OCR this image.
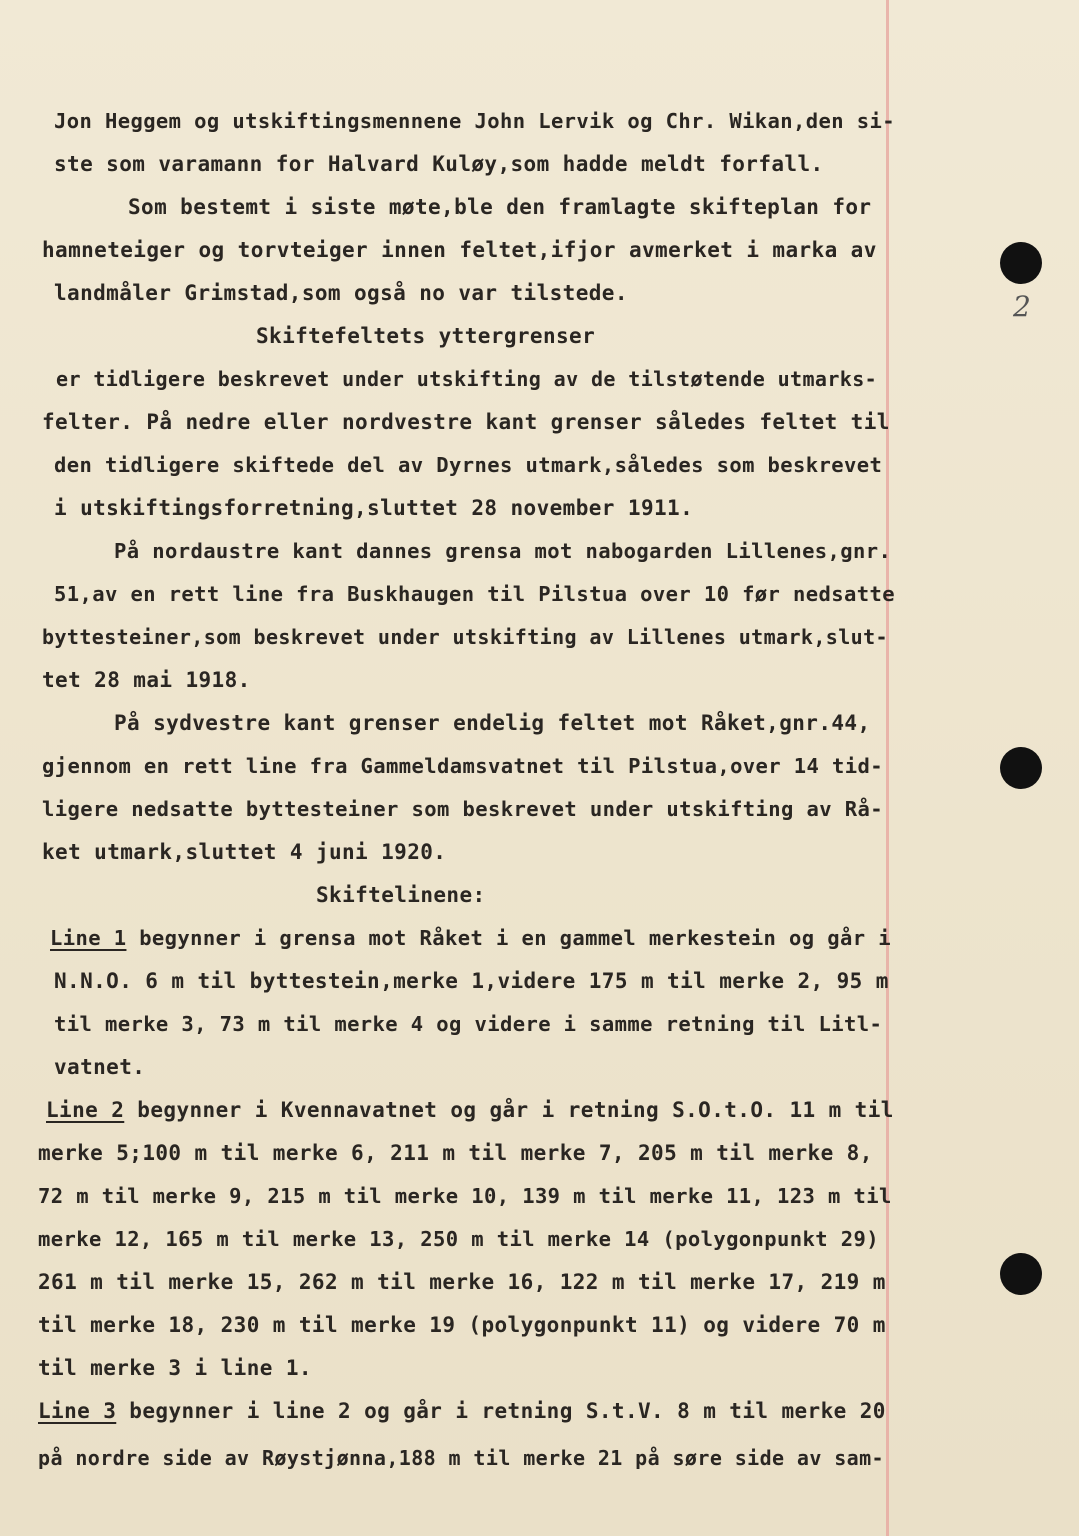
2
Jon Heggem og utskiftingsmennene John Lervik og Chr. Wikan,den si-
ste som varamann for Halvard Kuløy,som hadde meldt forfall.
Som bestemt i siste møte,ble den framlagte skifteplan for
hamneteiger og torvteiger innen feltet,ifjor avmerket i marka av
landmåler Grimstad,som også no var tilstede.
Skiftefeltets yttergrenser
er tidligere beskrevet under utskifting av de tilstøtende utmarks-
felter. På nedre eller nordvestre kant grenser således feltet til
den tidligere skiftede del av Dyrnes utmark,således som beskrevet
i utskiftingsforretning,sluttet 28 november 1911.
På nordaustre kant dannes grensa mot nabogarden Lillenes,gnr.
51,av en rett line fra Buskhaugen til Pilstua over 10 før nedsatte
byttesteiner,som beskrevet under utskifting av Lillenes utmark,slut-
tet 28 mai 1918.
På sydvestre kant grenser endelig feltet mot Råket,gnr.44,
gjennom en rett line fra Gammeldamsvatnet til Pilstua,over 14 tid-
ligere nedsatte byttesteiner som beskrevet under utskifting av Rå-
ket utmark,sluttet 4 juni 1920.
Skiftelinene:
Line 1 begynner i grensa mot Råket i en gammel merkestein og går i
N.N.O. 6 m til byttestein,merke 1,videre 175 m til merke 2, 95 m
til merke 3, 73 m til merke 4 og videre i samme retning til Litl-
vatnet.
Line 2 begynner i Kvennavatnet og går i retning S.O.t.O. 11 m til
merke 5;100 m til merke 6, 211 m til merke 7, 205 m til merke 8,
72 m til merke 9, 215 m til merke 10, 139 m til merke 11, 123 m til
merke 12, 165 m til merke 13, 250 m til merke 14 (polygonpunkt 29)
261 m til merke 15, 262 m til merke 16, 122 m til merke 17, 219 m
til merke 18, 230 m til merke 19 (polygonpunkt 11) og videre 70 m
til merke 3 i line 1.
Line 3 begynner i line 2 og går i retning S.t.V. 8 m til merke 20
på nordre side av Røystjønna,188 m til merke 21 på søre side av sam-
